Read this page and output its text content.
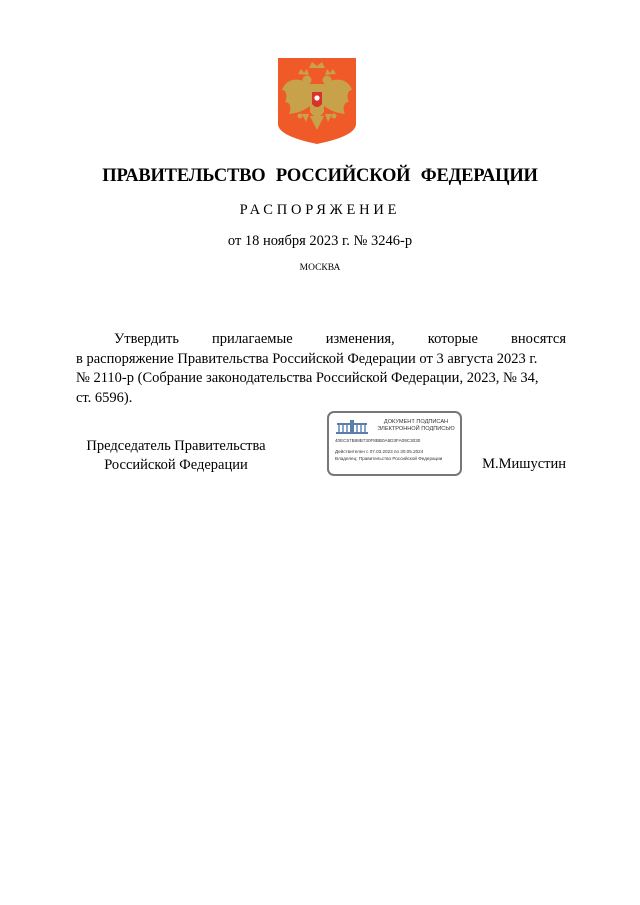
ПРАВИТЕЛЬСТВО РОССИЙСКОЙ ФЕДЕРАЦИИ
РАСПОРЯЖЕНИЕ
от 18 ноября 2023 г. № 3246-р
МОСКВА
Утвердить прилагаемые изменения, которые вносятся
в распоряжение Правительства Российской Федерации от 3 августа 2023 г.
№ 2110-р (Собрание законодательства Российской Федерации, 2023, № 34,
ст. 6596).
Председатель Правительства
Российской Федерации
ДОКУМЕНТ ПОДПИСАН
ЭЛЕКТРОННОЙ ПОДПИСЬЮ
40EC57B88B730F8BB0A6D3FA09C3030
Действителен с 07.03.2023 по 30.05.2024
Владелец: Правительство Российской Федерации	М.Мишустин
